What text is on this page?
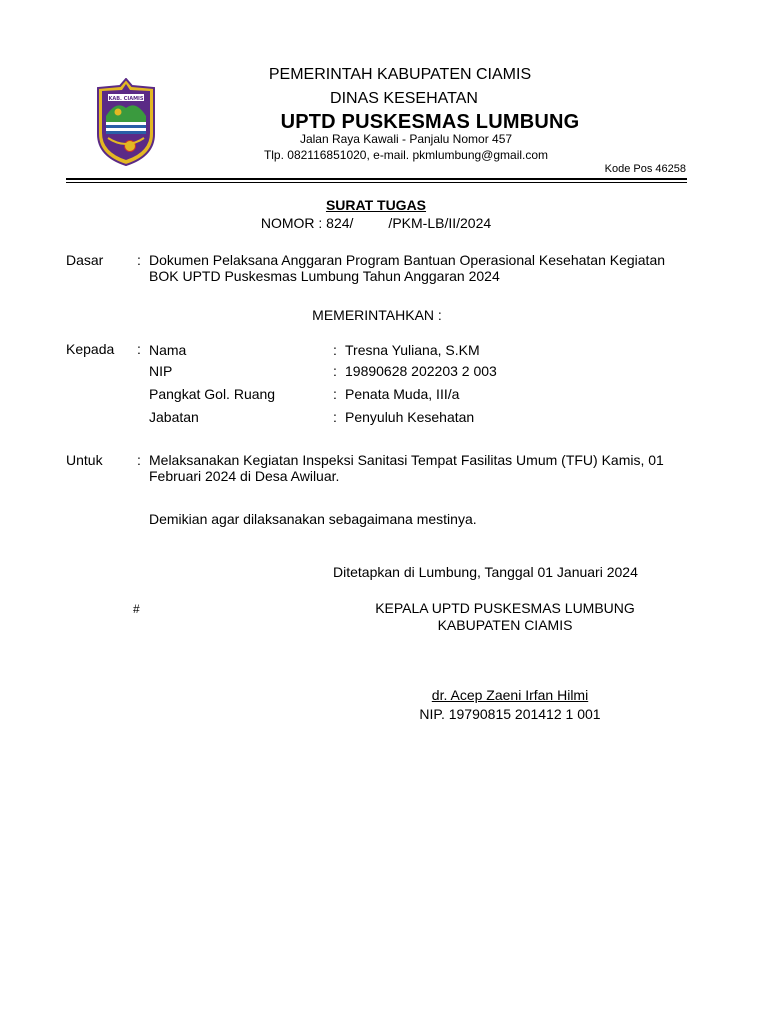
KAB. CIAMIS
PEMERINTAH KABUPATEN CIAMIS
DINAS KESEHATAN
UPTD PUSKESMAS LUMBUNG
Jalan Raya Kawali - Panjalu Nomor 457
Tlp. 082116851020, e-mail. pkmlumbung@gmail.com
Kode Pos 46258
SURAT TUGAS
NOMOR : 824/         /PKM-LB/II/2024
Dasar : Dokumen Pelaksana Anggaran Program Bantuan Operasional Kesehatan Kegiatan
BOK UPTD Puskesmas Lumbung Tahun Anggaran 2024
MEMERINTAHKAN :
Kepada : Nama	: Tresna Yuliana, S.KM
NIP	: 19890628 202203 2 003
Pangkat Gol. Ruang	: Penata Muda, III/a
Jabatan	: Penyuluh Kesehatan
Untuk : Melaksanakan Kegiatan Inspeksi Sanitasi Tempat Fasilitas Umum (TFU) Kamis, 01
Februari 2024 di Desa Awiluar.
Demikian agar dilaksanakan sebagaimana mestinya.
Ditetapkan di Lumbung, Tanggal 01 Januari 2024
#	KEPALA UPTD PUSKESMAS LUMBUNG
KABUPATEN CIAMIS
dr. Acep Zaeni Irfan Hilmi
NIP. 19790815 201412 1 001
